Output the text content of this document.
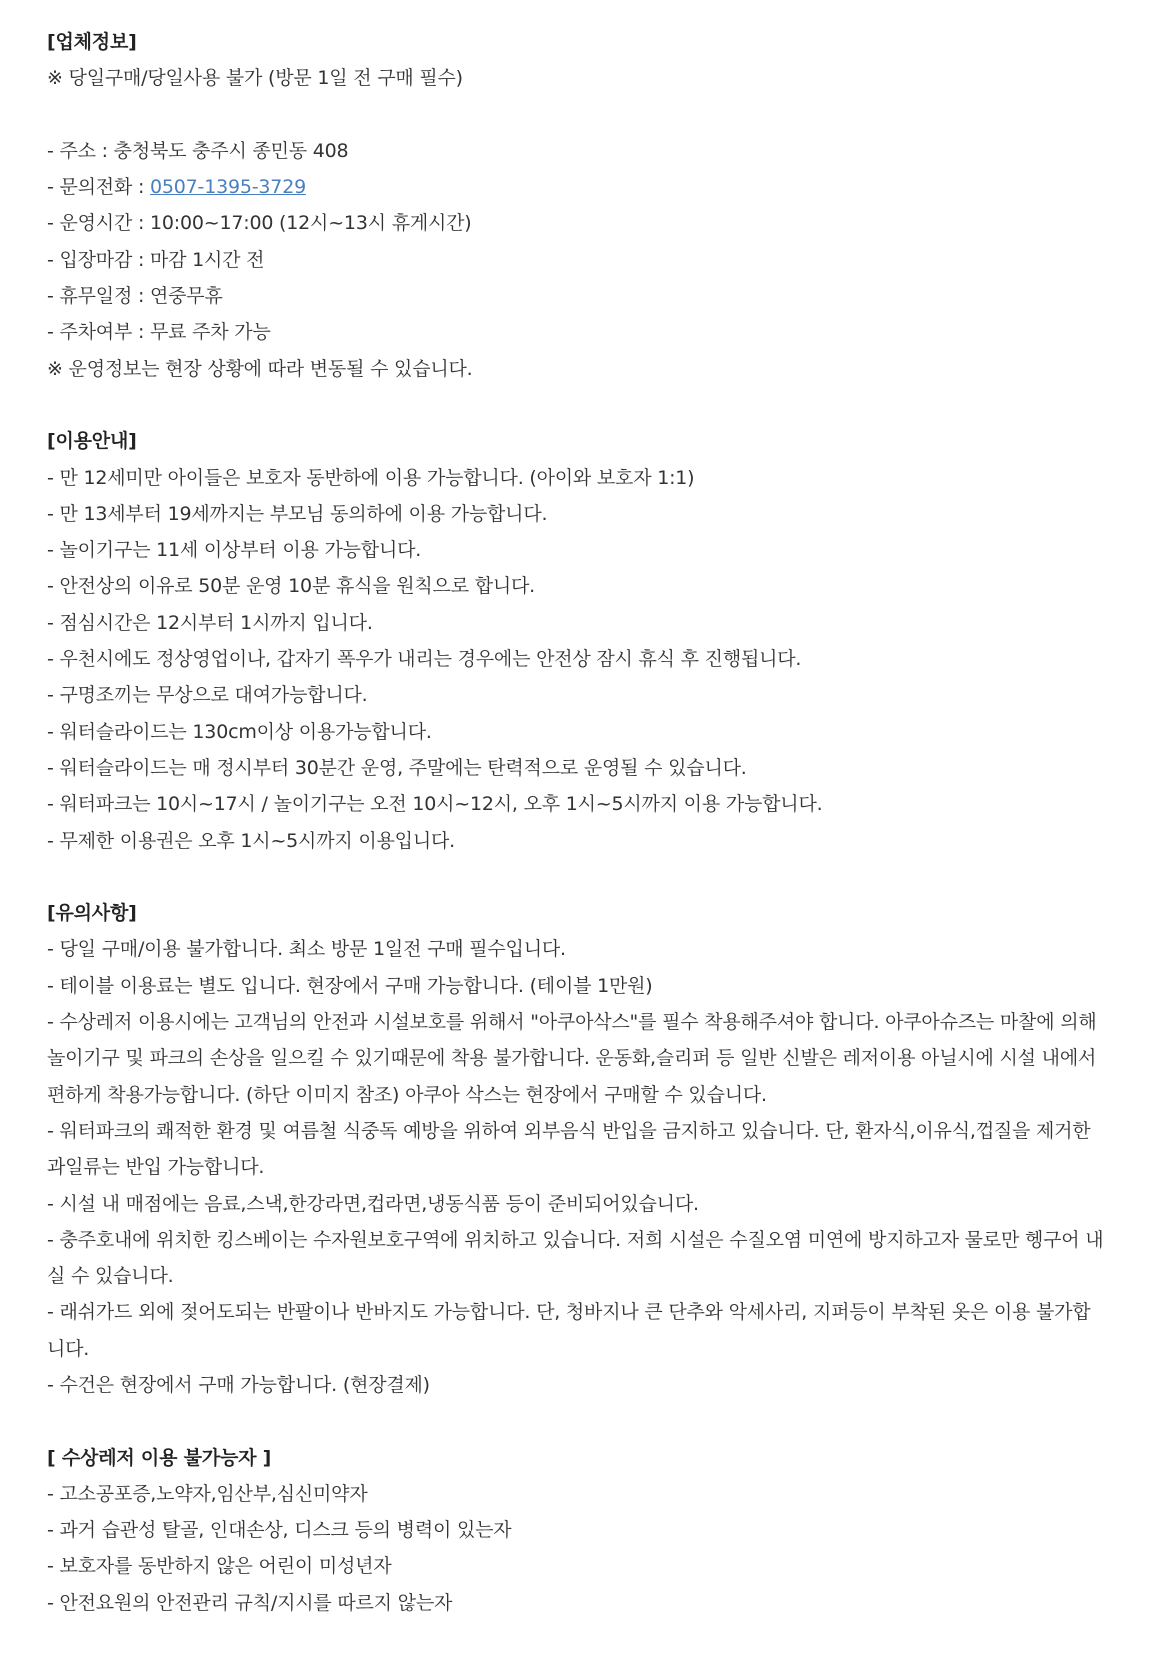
[업체정보]
※ 당일구매/당일사용 불가 (방문 1일 전 구매 필수)
- 주소 : 충청북도 충주시 종민동 408
- 문의전화 : 0507-1395-3729
- 운영시간 : 10:00~17:00 (12시~13시 휴게시간)
- 입장마감 : 마감 1시간 전
- 휴무일정 : 연중무휴
- 주차여부 : 무료 주차 가능
※ 운영정보는 현장 상황에 따라 변동될 수 있습니다.
[이용안내]
- 만 12세미만 아이들은 보호자 동반하에 이용 가능합니다. (아이와 보호자 1:1)
- 만 13세부터 19세까지는 부모님 동의하에 이용 가능합니다.
- 놀이기구는 11세 이상부터 이용 가능합니다.
- 안전상의 이유로 50분 운영 10분 휴식을 원칙으로 합니다.
- 점심시간은 12시부터 1시까지 입니다.
- 우천시에도 정상영업이나, 갑자기 폭우가 내리는 경우에는 안전상 잠시 휴식 후 진행됩니다.
- 구명조끼는 무상으로 대여가능합니다.
- 워터슬라이드는 130cm이상 이용가능합니다.
- 워터슬라이드는 매 정시부터 30분간 운영, 주말에는 탄력적으로 운영될 수 있습니다.
- 워터파크는 10시~17시 / 놀이기구는 오전 10시~12시, 오후 1시~5시까지 이용 가능합니다.
- 무제한 이용권은 오후 1시~5시까지 이용입니다.
[유의사항]
- 당일 구매/이용 불가합니다. 최소 방문 1일전 구매 필수입니다.
- 테이블 이용료는 별도 입니다. 현장에서 구매 가능합니다. (테이블 1만원)
- 수상레저 이용시에는 고객님의 안전과 시설보호를 위해서 "아쿠아삭스"를 필수 착용해주셔야 합니다. 아쿠아슈즈는 마찰에 의해 놀이기구 및 파크의 손상을 일으킬 수 있기때문에 착용 불가합니다. 운동화,슬리퍼 등 일반 신발은 레저이용 아닐시에 시설 내에서 편하게 착용가능합니다. (하단 이미지 참조) 아쿠아 삭스는 현장에서 구매할 수 있습니다.
- 워터파크의 쾌적한 환경 및 여름철 식중독 예방을 위하여 외부음식 반입을 금지하고 있습니다. 단, 환자식,이유식,껍질을 제거한 과일류는 반입 가능합니다.
- 시설 내 매점에는 음료,스낵,한강라면,컵라면,냉동식품 등이 준비되어있습니다.
- 충주호내에 위치한 킹스베이는 수자원보호구역에 위치하고 있습니다. 저희 시설은 수질오염 미연에 방지하고자 물로만 헹구어 내실 수 있습니다.
- 래쉬가드 외에 젖어도되는 반팔이나 반바지도 가능합니다. 단, 청바지나 큰 단추와 악세사리, 지퍼등이 부착된 옷은 이용 불가합니다.
- 수건은 현장에서 구매 가능합니다. (현장결제)
[ 수상레저 이용 불가능자 ]
- 고소공포증,노약자,임산부,심신미약자
- 과거 습관성 탈골, 인대손상, 디스크 등의 병력이 있는자
- 보호자를 동반하지 않은 어린이 미성년자
- 안전요원의 안전관리 규칙/지시를 따르지 않는자
